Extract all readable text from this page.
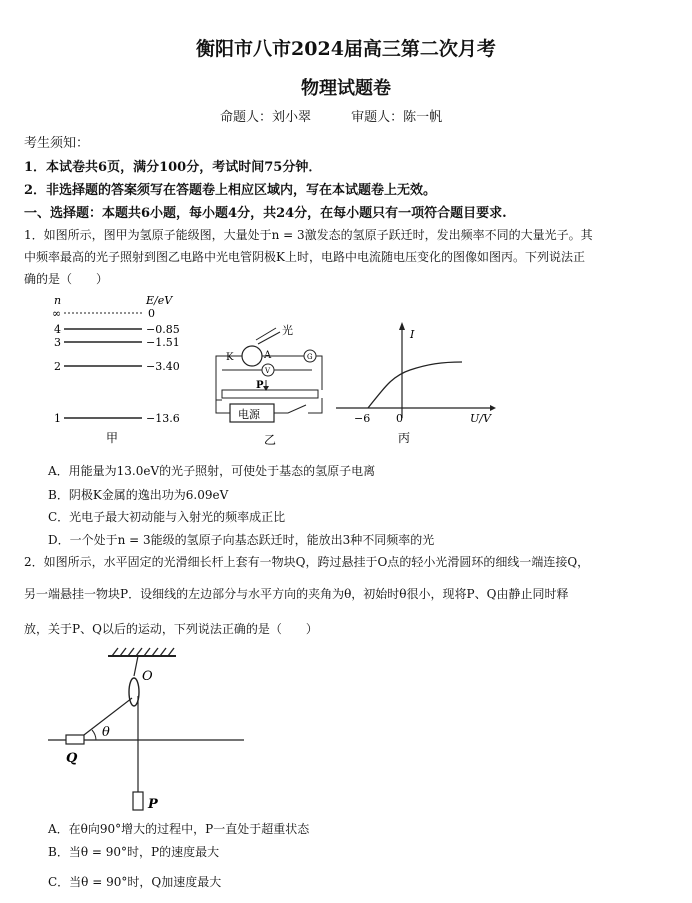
衡阳市八市2024届高三第二次月考
物理试题卷
命题人：刘小翠	审题人：陈一帆
考生须知：
1．本试卷共6页，满分100分，考试时间75分钟．
2．非选择题的答案须写在答题卷上相应区域内，写在本试题卷上无效。
一、选择题：本题共6小题，每小题4分，共24分，在每小题只有一项符合题目要求.
1．如图所示，图甲为氢原子能级图，大量处于n = 3激发态的氢原子跃迁时，发出频率不同的大量光子。其
中频率最高的光子照射到图乙电路中光电管阴极K上时，电路中电流随电压变化的图像如图丙。下列说法正
确的是（　　）
n	E/eV
∞	0
4	−0.85
3	−1.51
2	−3.40
1	−13.6
甲
光
K	A	G
V
P
电源
乙
I
−6 0	U/V
丙
A．用能量为13.0eV的光子照射，可使处于基态的氢原子电离
B．阴极K金属的逸出功为6.09eV
C．光电子最大初动能与入射光的频率成正比
D．一个处于n = 3能级的氢原子向基态跃迁时，能放出3种不同频率的光
2．如图所示，水平固定的光滑细长杆上套有一物块Q，跨过悬挂于O点的轻小光滑圆环的细线一端连接Q，
另一端悬挂一物块P．设细线的左边部分与水平方向的夹角为θ，初始时θ很小，现将P、Q由静止同时释
放，关于P、Q以后的运动，下列说法正确的是（　　）
O
θ
Q
P
A．在θ向90°增大的过程中，P一直处于超重状态
B．当θ = 90°时，P的速度最大
C．当θ = 90°时，Q加速度最大
